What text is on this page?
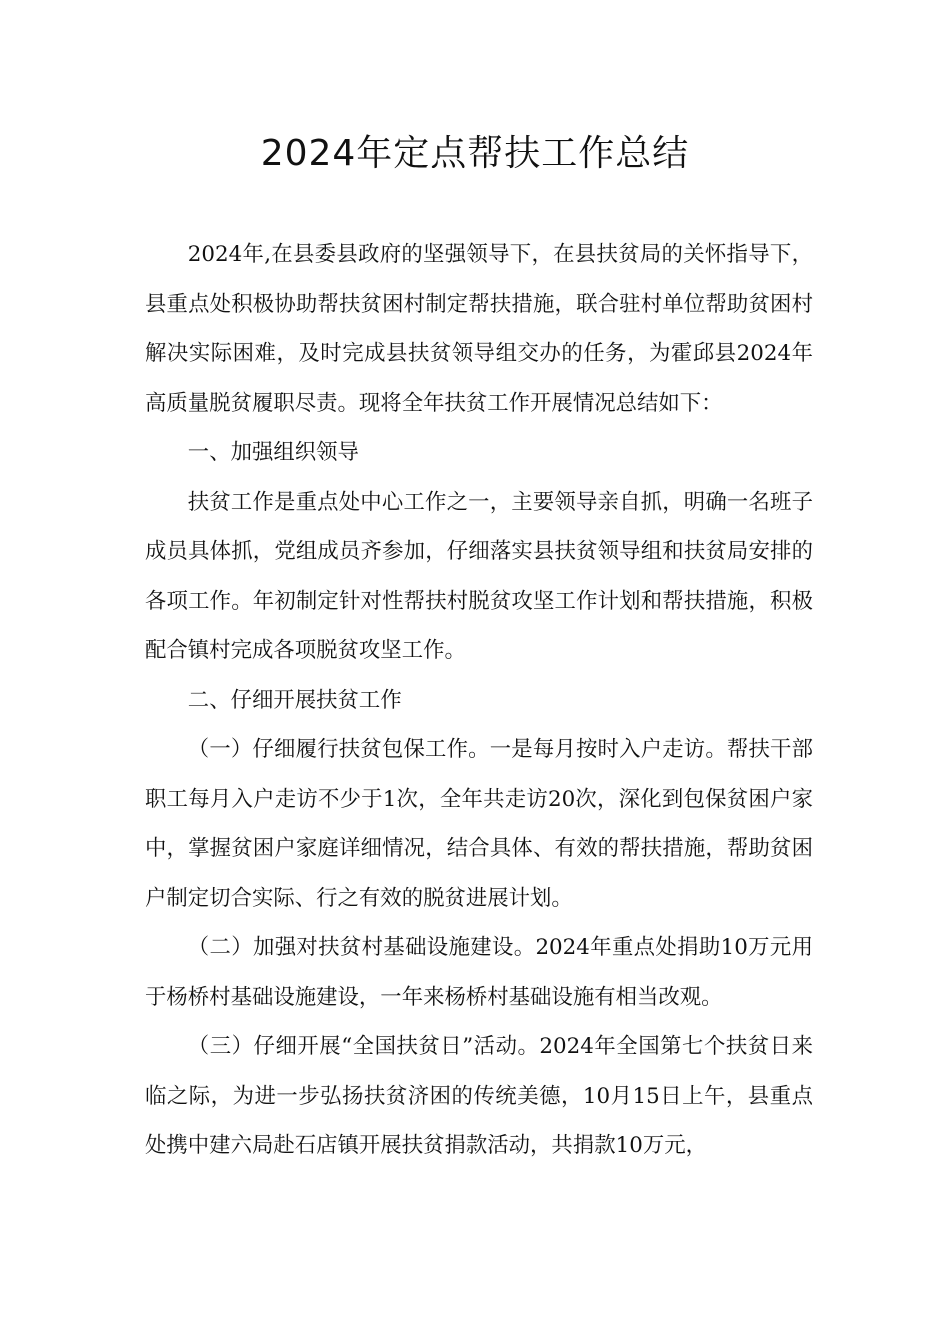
2024年定点帮扶工作总结

2024年,在县委县政府的坚强领导下，在县扶贫局的关怀指导下，县重点处积极协助帮扶贫困村制定帮扶措施，联合驻村单位帮助贫困村解决实际困难，及时完成县扶贫领导组交办的任务，为霍邱县2024年高质量脱贫履职尽责。现将全年扶贫工作开展情况总结如下：

一、加强组织领导

扶贫工作是重点处中心工作之一，主要领导亲自抓，明确一名班子成员具体抓，党组成员齐参加，仔细落实县扶贫领导组和扶贫局安排的各项工作。年初制定针对性帮扶村脱贫攻坚工作计划和帮扶措施，积极配合镇村完成各项脱贫攻坚工作。

二、仔细开展扶贫工作

（一）仔细履行扶贫包保工作。一是每月按时入户走访。帮扶干部职工每月入户走访不少于1次，全年共走访20次，深化到包保贫困户家中，掌握贫困户家庭详细情况，结合具体、有效的帮扶措施，帮助贫困户制定切合实际、行之有效的脱贫进展计划。

（二）加强对扶贫村基础设施建设。2024年重点处捐助10万元用于杨桥村基础设施建设，一年来杨桥村基础设施有相当改观。

（三）仔细开展“全国扶贫日”活动。2024年全国第七个扶贫日来临之际，为进一步弘扬扶贫济困的传统美德，10月15日上午，县重点处携中建六局赴石店镇开展扶贫捐款活动，共捐款10万元，
